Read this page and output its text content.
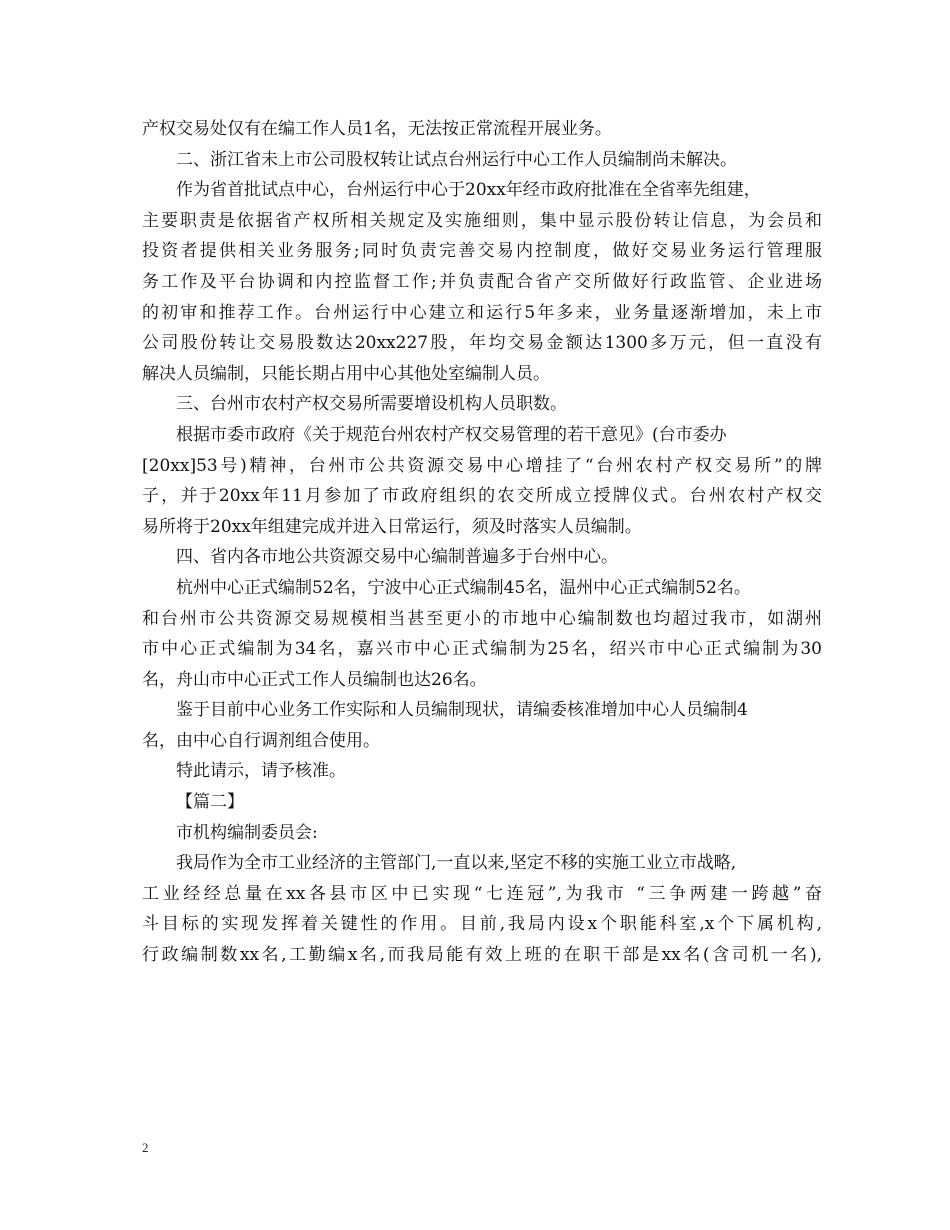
产权交易处仅有在编工作人员1名，无法按正常流程开展业务。
二、浙江省未上市公司股权转让试点台州运行中心工作人员编制尚未解决。
作为省首批试点中心，台州运行中心于20xx年经市政府批准在全省率先组建，
主要职责是依据省产权所相关规定及实施细则，集中显示股份转让信息，为会员和
投资者提供相关业务服务;同时负责完善交易内控制度，做好交易业务运行管理服
务工作及平台协调和内控监督工作;并负责配合省产交所做好行政监管、企业进场
的初审和推荐工作。台州运行中心建立和运行5年多来，业务量逐渐增加，未上市
公司股份转让交易股数达20xx227股，年均交易金额达1300多万元，但一直没有
解决人员编制，只能长期占用中心其他处室编制人员。
三、台州市农村产权交易所需要增设机构人员职数。
根据市委市政府《关于规范台州农村产权交易管理的若干意见》(台市委办
[20xx]53号)精神，台州市公共资源交易中心增挂了“台州农村产权交易所”的牌
子，并于20xx年11月参加了市政府组织的农交所成立授牌仪式。台州农村产权交
易所将于20xx年组建完成并进入日常运行，须及时落实人员编制。
四、省内各市地公共资源交易中心编制普遍多于台州中心。
杭州中心正式编制52名，宁波中心正式编制45名，温州中心正式编制52名。
和台州市公共资源交易规模相当甚至更小的市地中心编制数也均超过我市，如湖州
市中心正式编制为34名，嘉兴市中心正式编制为25名，绍兴市中心正式编制为30
名，舟山市中心正式工作人员编制也达26名。
鉴于目前中心业务工作实际和人员编制现状，请编委核准增加中心人员编制4
名，由中心自行调剂组合使用。
特此请示，请予核准。
【篇二】
市机构编制委员会:
我局作为全市工业经济的主管部门,一直以来,坚定不移的实施工业立市战略,
工业经经总量在xx各县市区中已实现“七连冠”,为我市 “三争两建一跨越”奋
斗目标的实现发挥着关键性的作用。目前,我局内设x个职能科室,x个下属机构,
行政编制数xx名,工勤编x名,而我局能有效上班的在职干部是xx名(含司机一名),
2
